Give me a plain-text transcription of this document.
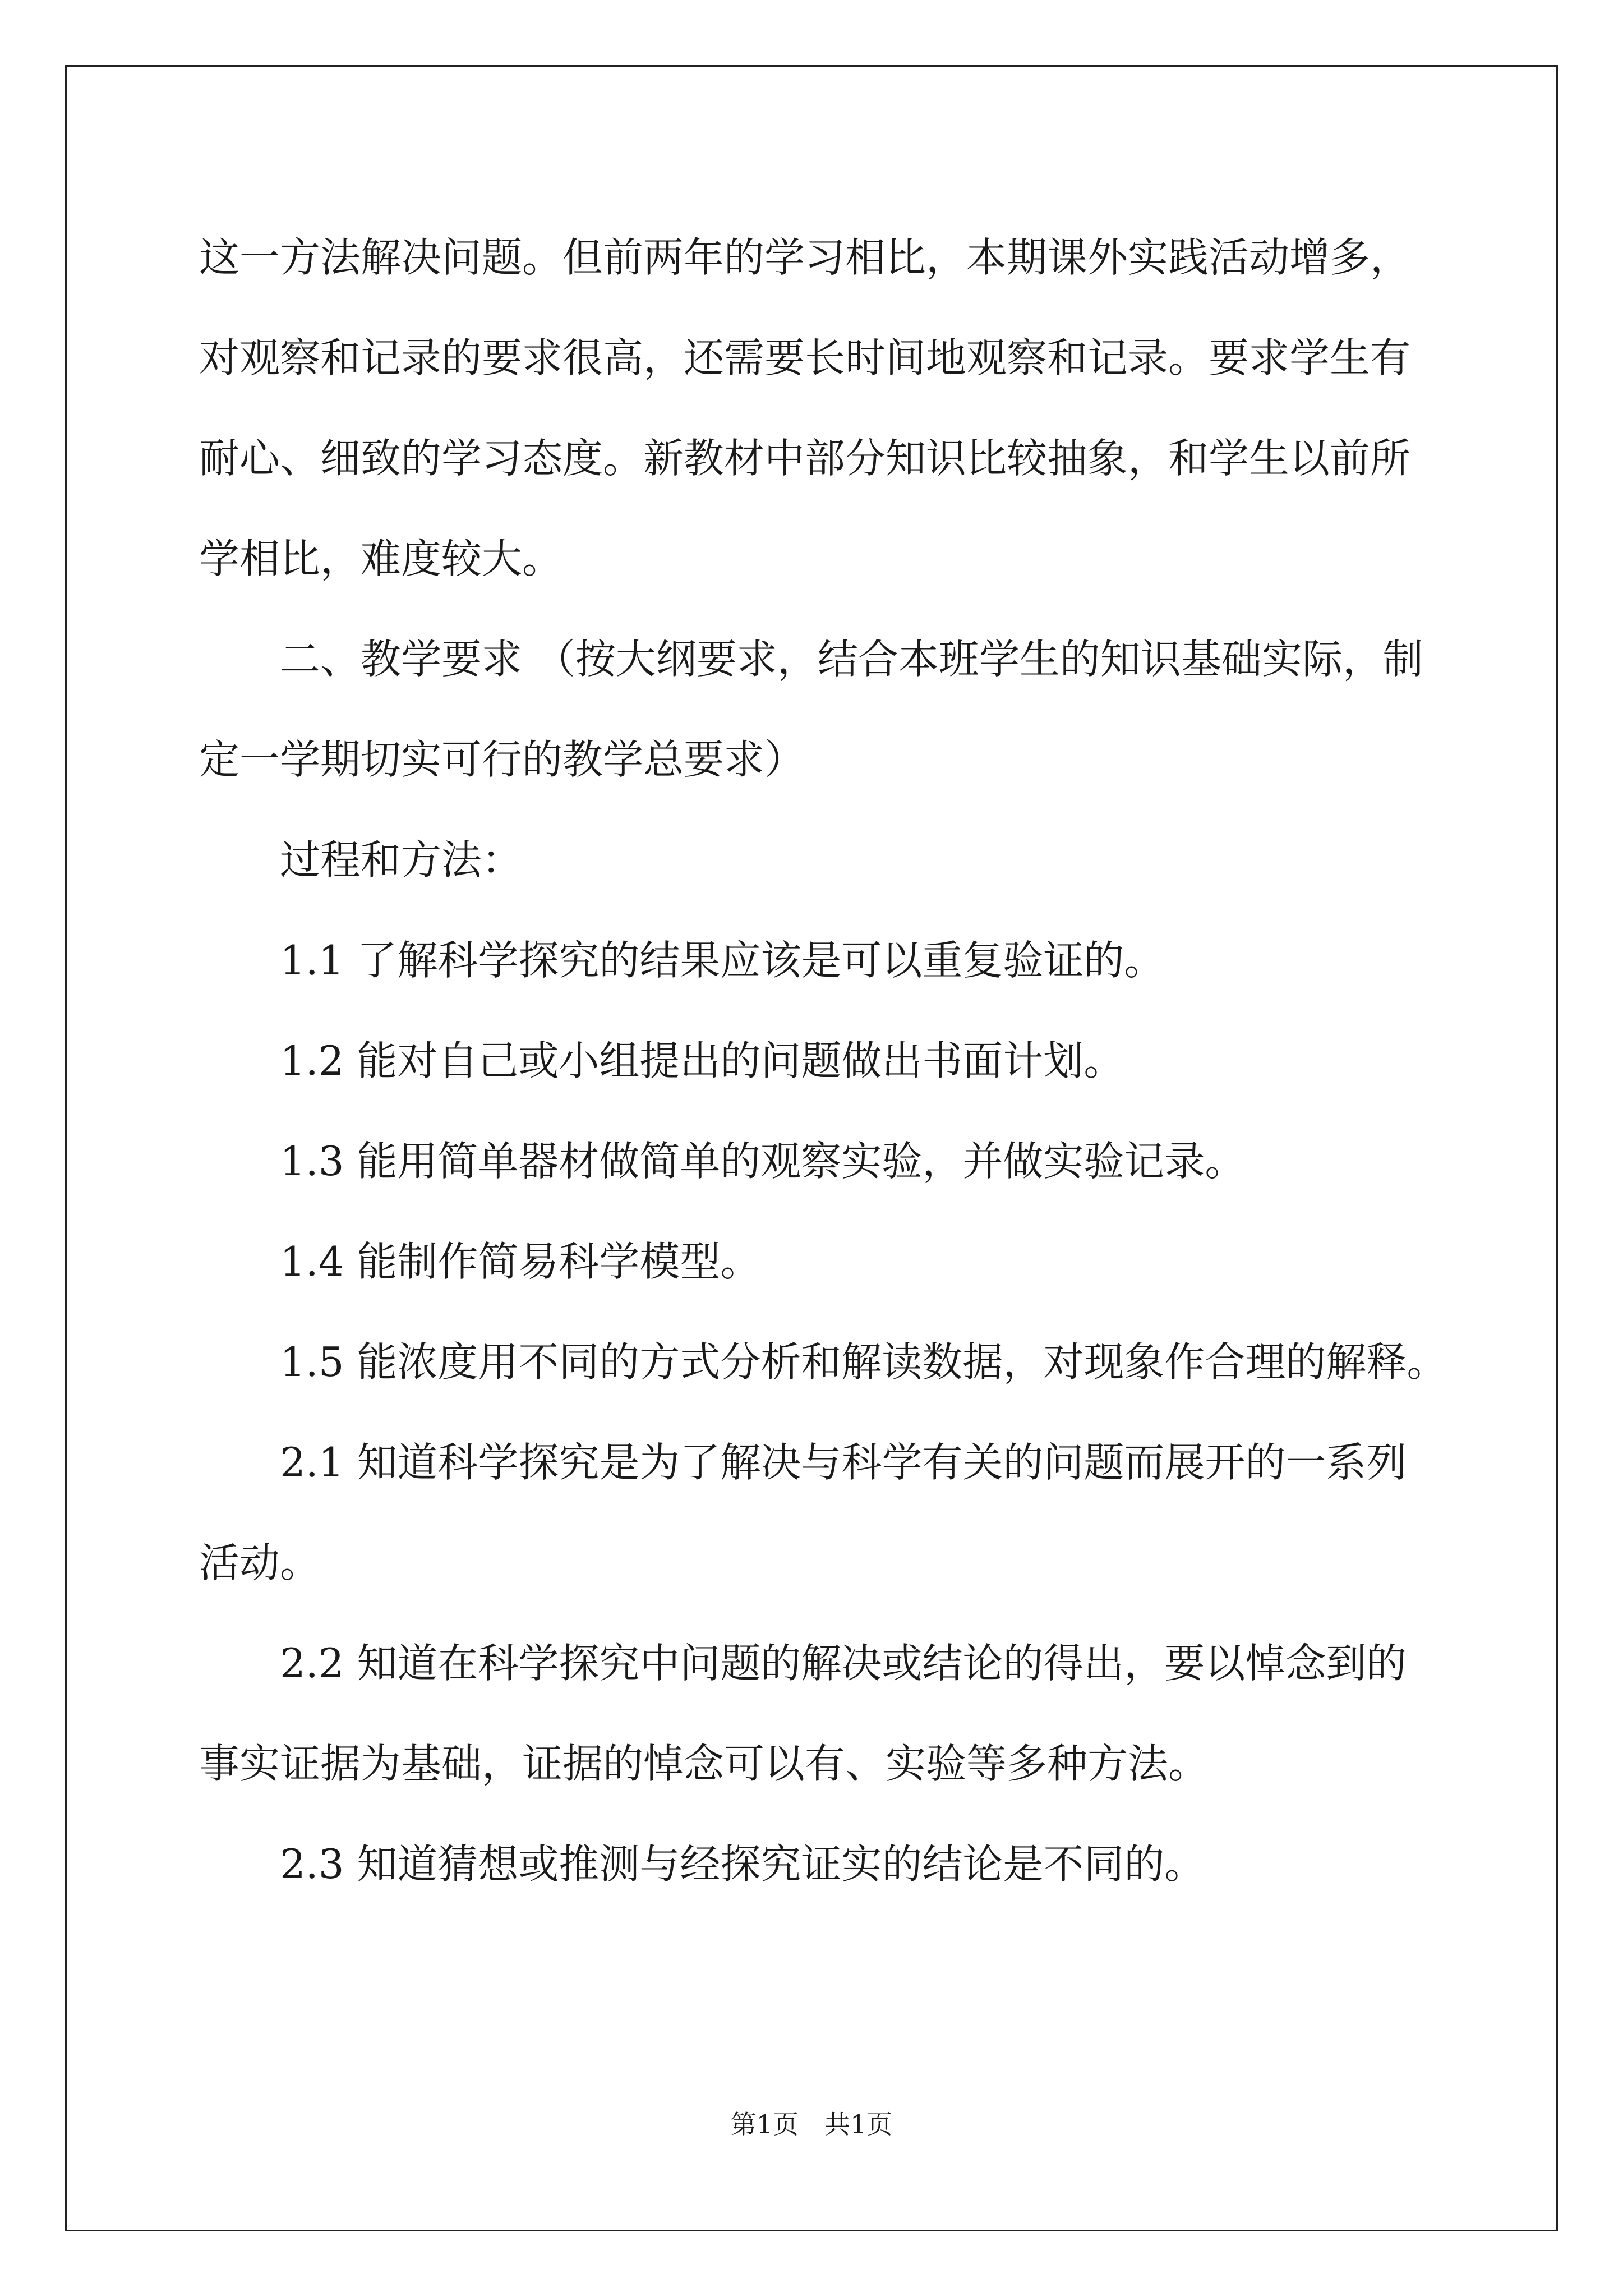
这一方法解决问题。但前两年的学习相比，本期课外实践活动增多，

对观察和记录的要求很高，还需要长时间地观察和记录。要求学生有

耐心、细致的学习态度。新教材中部分知识比较抽象，和学生以前所

学相比，难度较大。

二、教学要求 （按大纲要求，结合本班学生的知识基础实际，制

定一学期切实可行的教学总要求）

过程和方法：

1.1 了解科学探究的结果应该是可以重复验证的。

1.2 能对自己或小组提出的问题做出书面计划。

1.3 能用简单器材做简单的观察实验，并做实验记录。

1.4 能制作简易科学模型。

1.5 能浓度用不同的方式分析和解读数据，对现象作合理的解释。

2.1 知道科学探究是为了解决与科学有关的问题而展开的一系列

活动。

2.2 知道在科学探究中问题的解决或结论的得出，要以悼念到的

事实证据为基础，证据的悼念可以有、实验等多种方法。

2.3 知道猜想或推测与经探究证实的结论是不同的。

第1页　共1页
